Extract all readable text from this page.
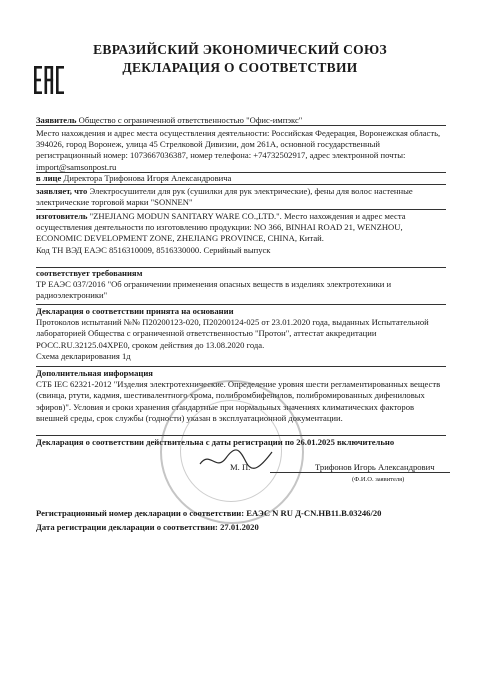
ЕВРАЗИЙСКИЙ ЭКОНОМИЧЕСКИЙ СОЮЗ
ДЕКЛАРАЦИЯ О СООТВЕТСТВИИ

Заявитель Общество с ограниченной ответственностью "Офис-импэкс"

Место нахождения и адрес места осуществления деятельности: Российская Федерация, Воронежская область, 394026, город Воронеж, улица 45 Стрелковой Дивизии, дом 261А, основной государственный регистрационный номер: 1073667036387, номер телефона: +74732502917, адрес электронной почты: import@samsonpost.ru

в лице Директора Трифонова Игоря Александровича

заявляет, что Электросушители для рук (сушилки для рук электрические), фены для волос настенные электрические торговой марки "SONNEN"

изготовитель "ZHEJIANG MODUN SANITARY WARE CO.,LTD.". Место нахождения и адрес места осуществления деятельности по изготовлению продукции: NO 366, BINHAI ROAD 21, WENZHOU, ECONOMIC DEVELOPMENT ZONE, ZHEJIANG PROVINCE, CHINA, Китай.

Код ТН ВЭД ЕАЭС 8516310009, 8516330000. Серийный выпуск

соответствует требованиям

ТР ЕАЭС 037/2016 "Об ограничении применения опасных веществ в изделиях электротехники и радиоэлектроники"

Декларация о соответствии принята на основании

Протоколов испытаний №№ П20200123-020, П20200124-025 от 23.01.2020 года, выданных Испытательной лабораторией Общества с ограниченной ответственностью "Протон", аттестат аккредитации РОСС.RU.32125.04ХРЕ0, сроком действия до 13.08.2020 года.

Схема декларирования 1д

Дополнительная информация

СТБ IEC 62321-2012 "Изделия электротехнические. Определение уровня шести регламентированных веществ (свинца, ртути, кадмия, шестивалентного хрома, полибромбифенилов, полибромированных дифениловых эфиров)". Условия и сроки хранения стандартные при нормальных значениях климатических факторов внешней среды, срок службы (годности) указан в эксплуатационной документации.

Декларация о соответствии действительна с даты регистрации по 26.01.2025 включительно

М. П.	Трифонов Игорь Александрович
(Ф.И.О. заявителя)

Регистрационный номер декларации о соответствии: ЕАЭС N RU Д-CN.НВ11.В.03246/20

Дата регистрации декларации о соответствии: 27.01.2020
